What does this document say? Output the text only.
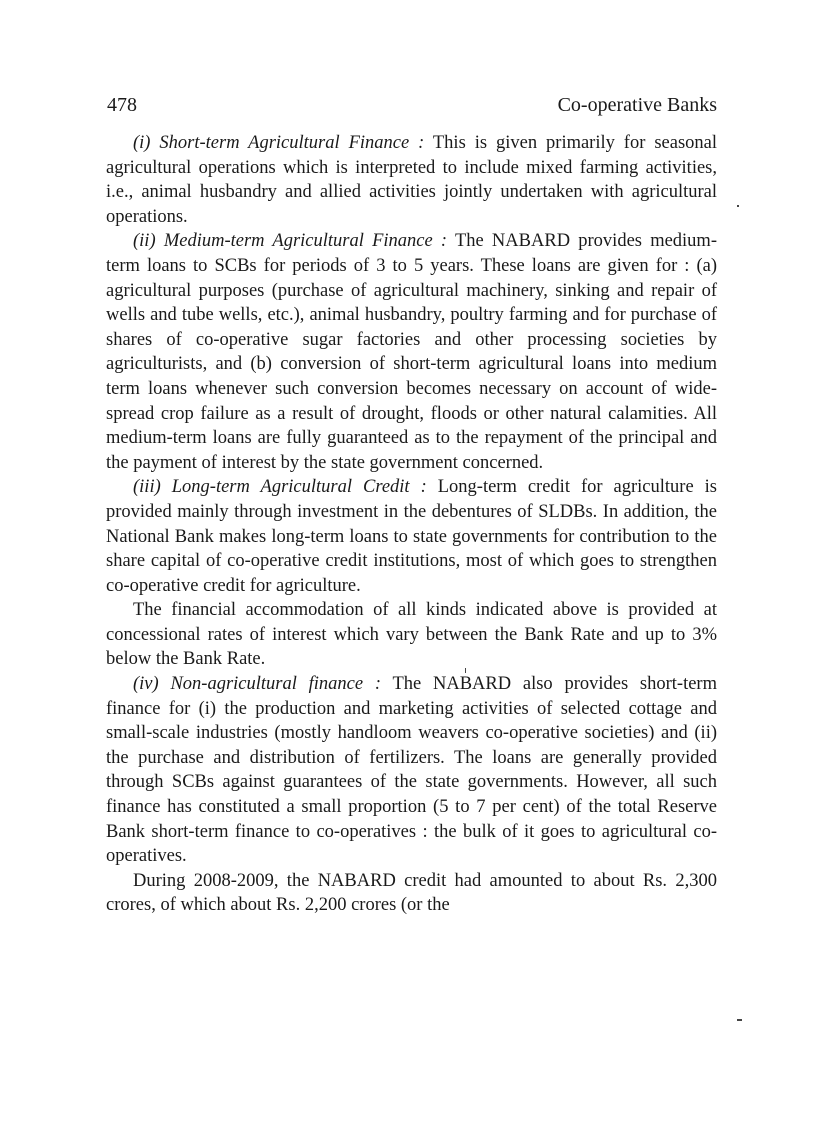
478	Co-operative Banks

(i) Short-term Agricultural Finance : This is given primarily for seasonal agricultural operations which is interpreted to include mixed farming activities, i.e., animal husbandry and allied activities jointly undertaken with agricultural operations.

(ii) Medium-term Agricultural Finance : The NABARD provides medium-term loans to SCBs for periods of 3 to 5 years. These loans are given for : (a) agricultural purposes (purchase of agricultural machinery, sinking and repair of wells and tube wells, etc.), animal husbandry, poultry farming and for purchase of shares of co-operative sugar factories and other processing societies by agriculturists, and (b) conversion of short-term agricultural loans into medium term loans whenever such conversion becomes necessary on account of wide-spread crop failure as a result of drought, floods or other natural calamities. All medium-term loans are fully guaranteed as to the repayment of the principal and the payment of interest by the state government concerned.

(iii) Long-term Agricultural Credit : Long-term credit for agriculture is provided mainly through investment in the debentures of SLDBs. In addition, the National Bank makes long-term loans to state governments for contribution to the share capital of co-operative credit institutions, most of which goes to strengthen co-operative credit for agriculture.

The financial accommodation of all kinds indicated above is provided at concessional rates of interest which vary between the Bank Rate and up to 3% below the Bank Rate.

(iv) Non-agricultural finance : The NABARD also provides short-term finance for (i) the production and marketing activities of selected cottage and small-scale industries (mostly handloom weavers co-operative societies) and (ii) the purchase and distribution of fertilizers. The loans are generally provided through SCBs against guarantees of the state governments. However, all such finance has constituted a small proportion (5 to 7 per cent) of the total Reserve Bank short-term finance to co-operatives : the bulk of it goes to agricultural co-operatives.

During 2008-2009, the NABARD credit had amounted to about Rs. 2,300 crores, of which about Rs. 2,200 crores (or the
